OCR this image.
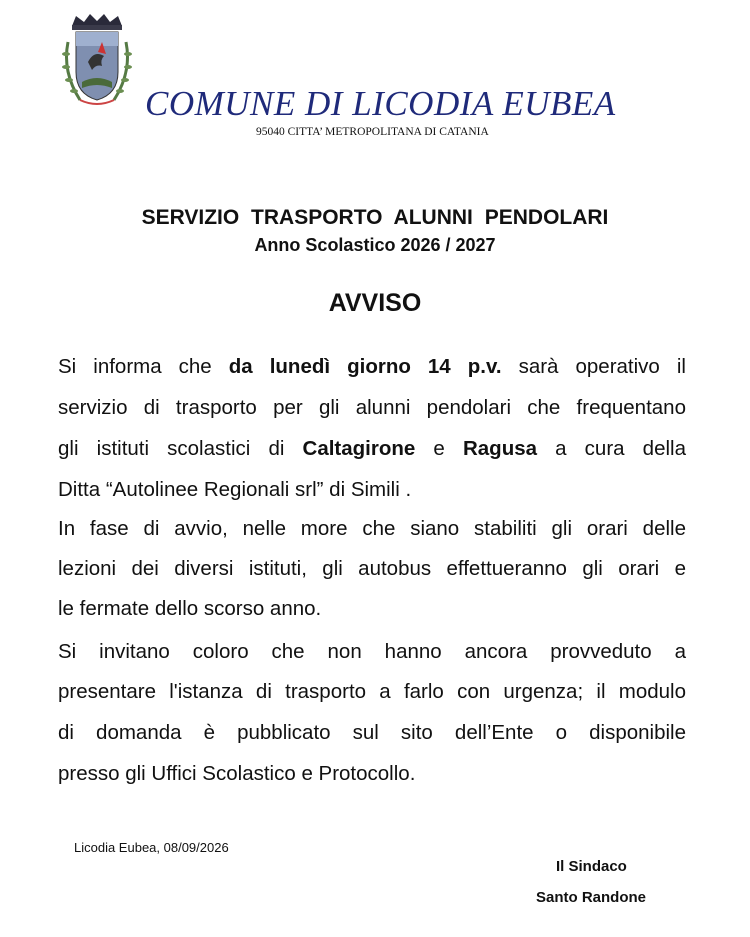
COMUNE DI LICODIA EUBEA
95040 CITTA’ METROPOLITANA DI CATANIA
SERVIZIO TRASPORTO ALUNNI PENDOLARI
Anno Scolastico 2026 / 2027
AVVISO
Si informa che da lunedì giorno 14 p.v. sarà operativo il
servizio di trasporto per gli alunni pendolari che frequentano
gli istituti scolastici di Caltagirone e Ragusa a cura della
Ditta “Autolinee Regionali srl” di Simili .
In fase di avvio, nelle more che siano stabiliti gli orari delle
lezioni dei diversi istituti, gli autobus effettueranno gli orari e
le fermate dello scorso anno.
Si invitano coloro che non hanno ancora provveduto a
presentare l'istanza di trasporto a farlo con urgenza; il modulo
di domanda è pubblicato sul sito dell’Ente o disponibile
presso gli Uffici Scolastico e Protocollo.
Licodia Eubea, 08/09/2026
Il Sindaco
Santo Randone
